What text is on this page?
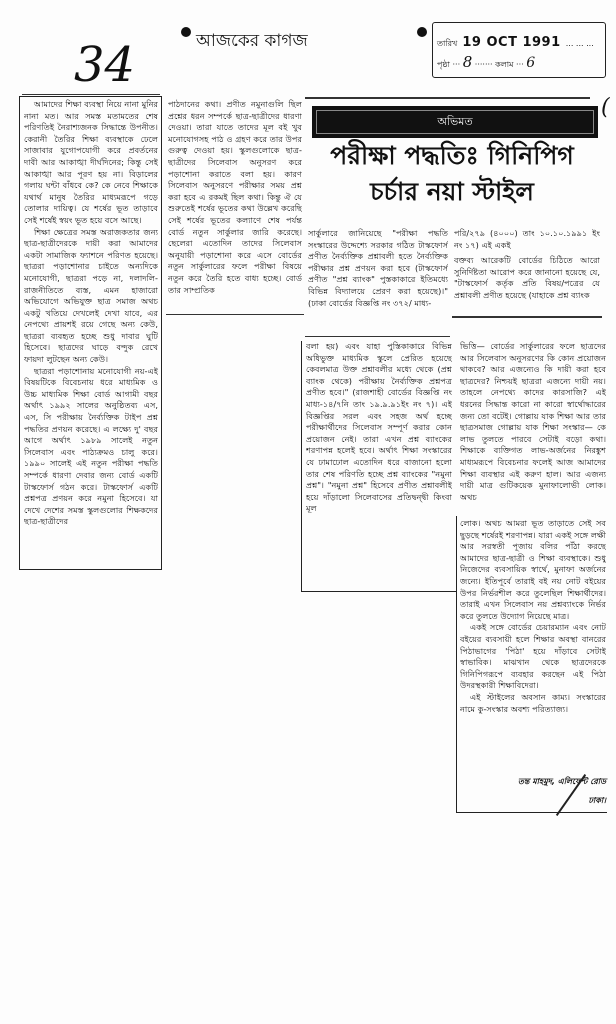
34	আজকের কাগজ	তারিখ 19 OCT 1991 ... ... ...
পৃষ্ঠা ··· 8 ······· কলাম ··· 6
(

আমাদের শিক্ষা ব্যবস্থা নিয়ে নানা মুনির নানা মত। আর সমস্ত মতামতের শেষ পরিণতিই নৈরাশ্যজনক সিদ্ধান্তে উপনীত। কেরানী তৈরির শিক্ষা ব্যবস্থাকে ঢেলে সাজাবার যুগোপযোগী করে প্রবর্তনের দাবী আর আকাঙ্খা দীর্ঘদিনের; কিন্তু সেই আকাঙ্খা আর পূরণ হয় না। বিড়ালের গলায় ঘন্টা বাঁধবে কে? কে নেবে শিক্ষাকে যথার্থ মানুষ তৈরির মাধ্যমরূপে গড়ে তোলার দায়িত্ব। যে শর্ষের ভূত তাড়াবে সেই শর্ষেই স্বয়ং ভূত হয়ে বসে আছে।

শিক্ষা ক্ষেত্রের সমস্ত অরাজকতার জন্য ছাত্র-ছাত্রীদেরকে দায়ী করা আমাদের একটা সামাজিক ফ্যাশনে পরিণত হয়েছে। ছাত্ররা পড়াশোনার চাইতে অন্যদিকে মনোযোগী, ছাত্ররা পড়ে না, দলাদলি-রাজনীতিতে ব্যস্ত, এমন হাজারো অভিযোগে অভিযুক্ত ছাত্র সমাজ অথচ একটু খতিয়ে দেখলেই দেখা যাবে, এর নেপথ্যে প্রায়শই রয়ে গেছে অন্য কেউ, ছাত্ররা ব্যবহৃত হচ্ছে শুধু দাবার ঘুটি হিসেবে। ছাত্রদের ঘাড়ে বন্দুক রেখে ফায়দা লুটছেন অন্য কেউ।

ছাত্ররা পড়াশোনায় মনোযোগী নয়-এই বিষয়টিকে বিবেচনায় ধরে মাধ্যমিক ও উচ্চ মাধ্যমিক শিক্ষা বোর্ড আগামী বছর অর্থাৎ ১৯৯২ সালের অনুষ্ঠিতব্য এস, এস, সি পরীক্ষায় নৈর্ব্যক্তিক টাইপ প্রশ্ন পদ্ধতির প্রণয়ন করেছে। এ লক্ষ্যে দু' বছর আগে অর্থাৎ ১৯৮৯ সালেই নতুন সিলেবাস এবং পাঠ্যক্রমও চালু করে। ১৯৯০ সালেই এই নতুন পরীক্ষা পদ্ধতি সম্পর্কে ধারণা দেবার জন্য বোর্ড একটি টাস্কফোর্স গঠন করে। টাস্কফোর্স একটি প্রশ্নপত্র প্রণয়ন করে নমুনা হিসেবে। যা দেখে দেশের সমস্ত স্কুলগুলোর শিক্ষকদের ছাত্র-ছাত্রীদের

পাঠদানের কথা। প্রণীত নমুনাগুলি ছিল প্রশ্নের ধরন সম্পর্কে ছাত্র-ছাত্রীদের ধারণা দেওয়া। তারা যাতে তাদের মূল বই খুব মনোযোগসহ পাঠ ও গ্রহণ করে তার উপর গুরুত্ব দেওয়া হয়। স্কুলগুলোকে ছাত্র-ছাত্রীদের সিলেবাস অনুসরণ করে পড়াশোনা করাতে বলা হয়। কারণ সিলেবাস অনুসরণে পরীক্ষার সময় প্রশ্ন করা হবে এ রকমই ছিল কথা। কিন্তু ঐ যে শুরুতেই শর্ষের ভূতের কথা উল্লেখ করেছি সেই শর্ষের ভূতের কল্যাণে শেষ পর্যন্ত বোর্ড নতুন সার্কুলার জারি করেছে। ছেলেরা এতোদিন তাদের সিলেবাস অনুযায়ী পড়াশোনা করে এসে বোর্ডের নতুন সার্কুলারের ফলে পরীক্ষা বিষয়ে নতুন করে তৈরি হতে বাধ্য হচ্ছে। বোর্ড তার সাম্প্রতিক

অভিমত
পরীক্ষা পদ্ধতিঃ গিনিপিগ
চর্চার নয়া স্টাইল

সার্কুলারে জানিয়েছে "পরীক্ষা পদ্ধতি সংস্কারের উদ্দেশ্যে সরকার গঠিত টাস্কফোর্স প্রণীত নৈর্ব্যক্তিক প্রশ্নাবলী হতে নৈর্ব্যক্তিক পরীক্ষার প্রশ্ন প্রণয়ন করা হবে (টাস্কফোর্স প্রণীত "প্রশ্ন ব্যাংক" পুস্তকাকারে ইতিমধ্যে বিভিন্ন বিদ্যালয়ে প্রেরণ করা হয়েছে)।" (ঢাকা বোর্ডের বিজ্ঞপ্তি নং ৩৭২/ মাধ্য-

পরি/২৭৯ (৪০০০) তাং ১০.১০.১৯৯১ ইং নং ১৭) এই একই

বক্তব্য আরেকটি বোর্ডের চিঠিতে আরো সুনির্দিষ্টতা আরোপ করে জানানো হয়েছে যে, "টাস্কফোর্স কর্তৃক প্রতি বিষয়/পত্রের যে প্রশ্নাবলী প্রণীত হয়েছে (যাহাকে প্রশ্ন ব্যাংক

বলা হয়) এবং যাহা পুস্তিকাকারে বিভিন্ন অধিভুক্ত মাধ্যমিক স্কুলে প্রেরিত হয়েছে কেবলমাত্র উক্ত প্রশ্নাবলীর মধ্যে থেকে (প্রশ্ন ব্যাংক থেকে) পরীক্ষায় নৈর্ব্যক্তিক প্রশ্নপত্র প্রণীত হবে।" (রাজশাহী বোর্ডের বিজ্ঞপ্তি নং মাধ্য-১৪/৭নি তাং ১৯.৯.৯১ইং নং ৭)। এই বিজ্ঞপ্তির সরল এবং সহজ অর্থ হচ্ছে পরীক্ষার্থীদের সিলেবাস সম্পূর্ণ করার কোন প্রয়োজন নেই। তারা এখন প্রশ্ন ব্যাংকের শরণাপন্ন হলেই হবে। অর্থাৎ শিক্ষা সংস্কারের যে ঢামাঢোল এতোদিন ধরে বাজানো হলো তার শেষ পরিণতি হচ্ছে প্রশ্ন ব্যাংকের "নমুনা প্রশ্ন"। "নমুনা প্রশ্ন" হিসেবে প্রণীত প্রশ্নাবলীই হয়ে দাঁড়ালো সিলেবাসের প্রতিদ্বন্দ্বী কিংবা মূল

ভিত্তি— বোর্ডের সার্কুলারের ফলে ছাত্রদের আর সিলেবাস অনুসরণের কি কোন প্রয়োজন থাকবে? আর এজন্যেও কি দায়ী করা হবে ছাত্রদের? নিশ্চয়ই ছাত্ররা এজন্যে দায়ী নয়। তাহলে নেপথ্যে কাদের কারসাজি? এই ধরনের সিদ্ধান্ত কারো না কারো স্বার্থোদ্ধারের জন্য তো বটেই। গোল্লায় যাক শিক্ষা আর তার ছাত্রসমাজ গোল্লায় যাক শিক্ষা সংস্কার— কে লাভ তুলতে পারবে সেটাই বড়ো কথা। শিক্ষাকে ব্যক্তিগত লাভ-অর্জনের নিরঙ্কুশ মাধ্যমরূপে বিবেচনার ফলেই আজ আমাদের শিক্ষা ব্যবস্থার এই করুণ হাল। আর এজন্য দায়ী মাত্র গুটিকয়েক মুনাফালোভী লোক। অথচ

লোক। অথচ আমরা ভূত তাড়াতে সেই সব ছুড়ছে শর্ষেরই শরণাপন্ন। যারা একই সঙ্গে লক্ষী আর সরস্বতী পূজায় বলির পাঁঠা করছে আমাদের ছাত্র-ছাত্রী ও শিক্ষা ব্যবস্থাকে। শুধু নিজেদের ব্যবসায়িক স্বার্থে, মুনাফা অর্জনের জন্যে। ইতিপূর্বে তারাই বই নয় নোট বইয়ের উপর নির্ভরশীল করে তুলেছিল শিক্ষার্থীদের। তারাই এখন সিলেবাস নয় প্রশ্নব্যাংকে নির্ভর করে তুলতে উদ্যোগ নিয়েছে মাত্র।

একই সঙ্গে বোর্ডের চেয়ারম্যান এবং নোট বইয়ের ব্যবসায়ী হলে শিক্ষার অবস্থা বানরের পিঠাভাগের 'পিঠা' হয়ে দাঁড়াবে সেটাই স্বাভাবিক। মাঝখান থেকে ছাত্রদেরকে গিনিপিগরূপে ব্যবহার করছেন এই পিঠা উদরস্থকারী শিক্ষাবিদেরা।

এই স্টাইলের অবসান কাম্য। সংস্কারের নামে কু-সংস্কার অবশ্য পরিত্যাজ্য।

তন্ত মাহমুদ, এলিফেন্ট রোড
ঢাকা।
